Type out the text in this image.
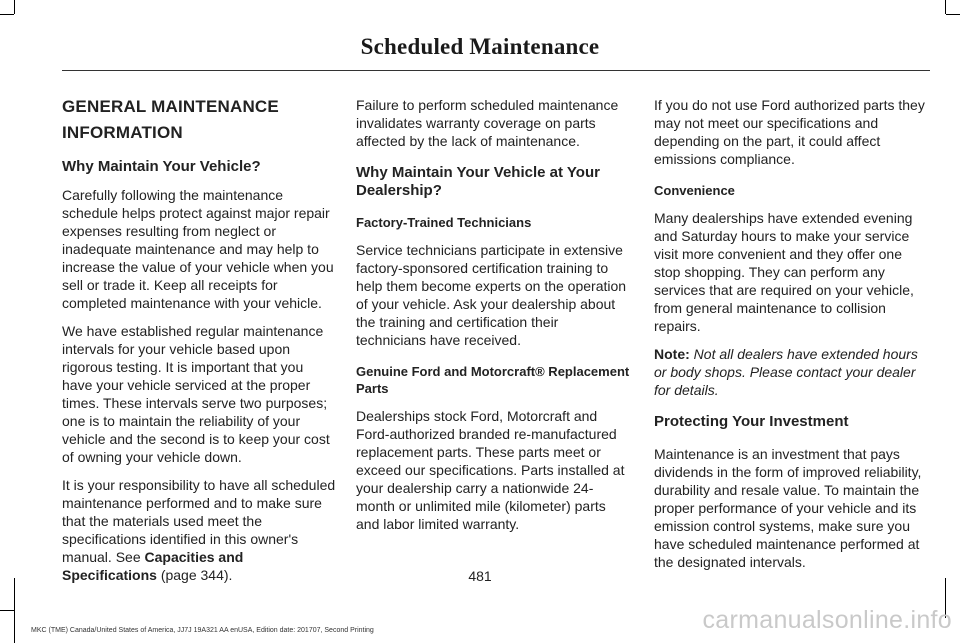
Scheduled Maintenance
GENERAL MAINTENANCE
INFORMATION
Why Maintain Your Vehicle?

Carefully following the maintenance schedule helps protect against major repair expenses resulting from neglect or inadequate maintenance and may help to increase the value of your vehicle when you sell or trade it. Keep all receipts for completed maintenance with your vehicle.

We have established regular maintenance intervals for your vehicle based upon rigorous testing. It is important that you have your vehicle serviced at the proper times. These intervals serve two purposes; one is to maintain the reliability of your vehicle and the second is to keep your cost of owning your vehicle down.

It is your responsibility to have all scheduled maintenance performed and to make sure that the materials used meet the specifications identified in this owner's manual. See Capacities and Specifications (page 344).

Failure to perform scheduled maintenance invalidates warranty coverage on parts affected by the lack of maintenance.

Why Maintain Your Vehicle at Your Dealership?
Factory-Trained Technicians

Service technicians participate in extensive factory-sponsored certification training to help them become experts on the operation of your vehicle. Ask your dealership about the training and certification their technicians have received.

Genuine Ford and Motorcraft® Replacement Parts

Dealerships stock Ford, Motorcraft and Ford-authorized branded re-manufactured replacement parts. These parts meet or exceed our specifications. Parts installed at your dealership carry a nationwide 24-month or unlimited mile (kilometer) parts and labor limited warranty.

If you do not use Ford authorized parts they may not meet our specifications and depending on the part, it could affect emissions compliance.

Convenience

Many dealerships have extended evening and Saturday hours to make your service visit more convenient and they offer one stop shopping. They can perform any services that are required on your vehicle, from general maintenance to collision repairs.

Note: Not all dealers have extended hours or body shops. Please contact your dealer for details.

Protecting Your Investment

Maintenance is an investment that pays dividends in the form of improved reliability, durability and resale value. To maintain the proper performance of your vehicle and its emission control systems, make sure you have scheduled maintenance performed at the designated intervals.

481
MKC (TME) Canada/United States of America, JJ7J 19A321 AA enUSA, Edition date: 201707, Second Printing	carmanualsonline.info
